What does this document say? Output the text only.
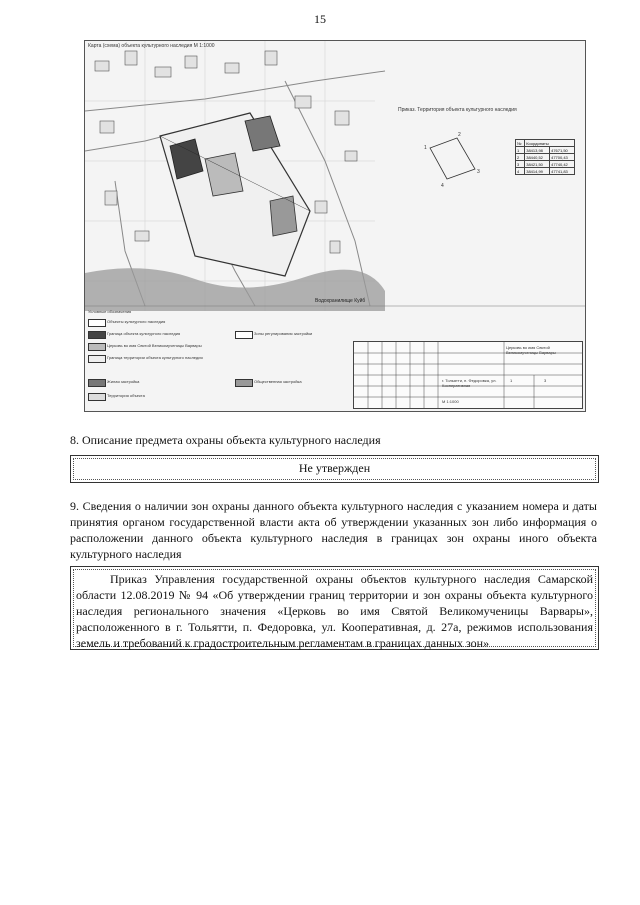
15
1
2
3
4
Карта (схема) объекта культурного наследия М 1:1000
Приказ. Территория объекта культурного наследия
Водохранилище Куйб
№	Координаты	
1	38413,98	47671,50
2	38440,52	47700,43
3	38421,50	47740,42
4	38414,99	47741,83
Условные обозначения
Объекты культурного наследия
Граница объекта культурного наследия
Церковь во имя Святой Великомученицы Варвары
Граница территории объекта культурного наследия
Жилая застройка
Территория объекта
Зоны регулирования застройки
Общественная застройка
Церковь во имя Святой Великомученицы Варвары
г. Тольятти, п. Федоровка, ул. Кооперативная
М 1:1000
1	3
8. Описание предмета охраны объекта культурного наследия
Не утвержден
9. Сведения о наличии зон охраны данного объекта культурного наследия с указанием номера и даты принятия органом государственной власти акта об утверждении указанных зон либо информация о расположении данного объекта культурного наследия в границах зон охраны иного объекта культурного наследия
Приказ Управления государственной охраны объектов культурного наследия Самарской области 12.08.2019 № 94 «Об утверждении границ территории и зон охраны объекта культурного наследия регионального значения «Церковь во имя Святой Великомученицы Варвары», расположенного в г. Тольятти, п. Федоровка, ул. Кооперативная, д. 27а, режимов использования земель и требований к градостроительным регламентам в границах данных зон»
